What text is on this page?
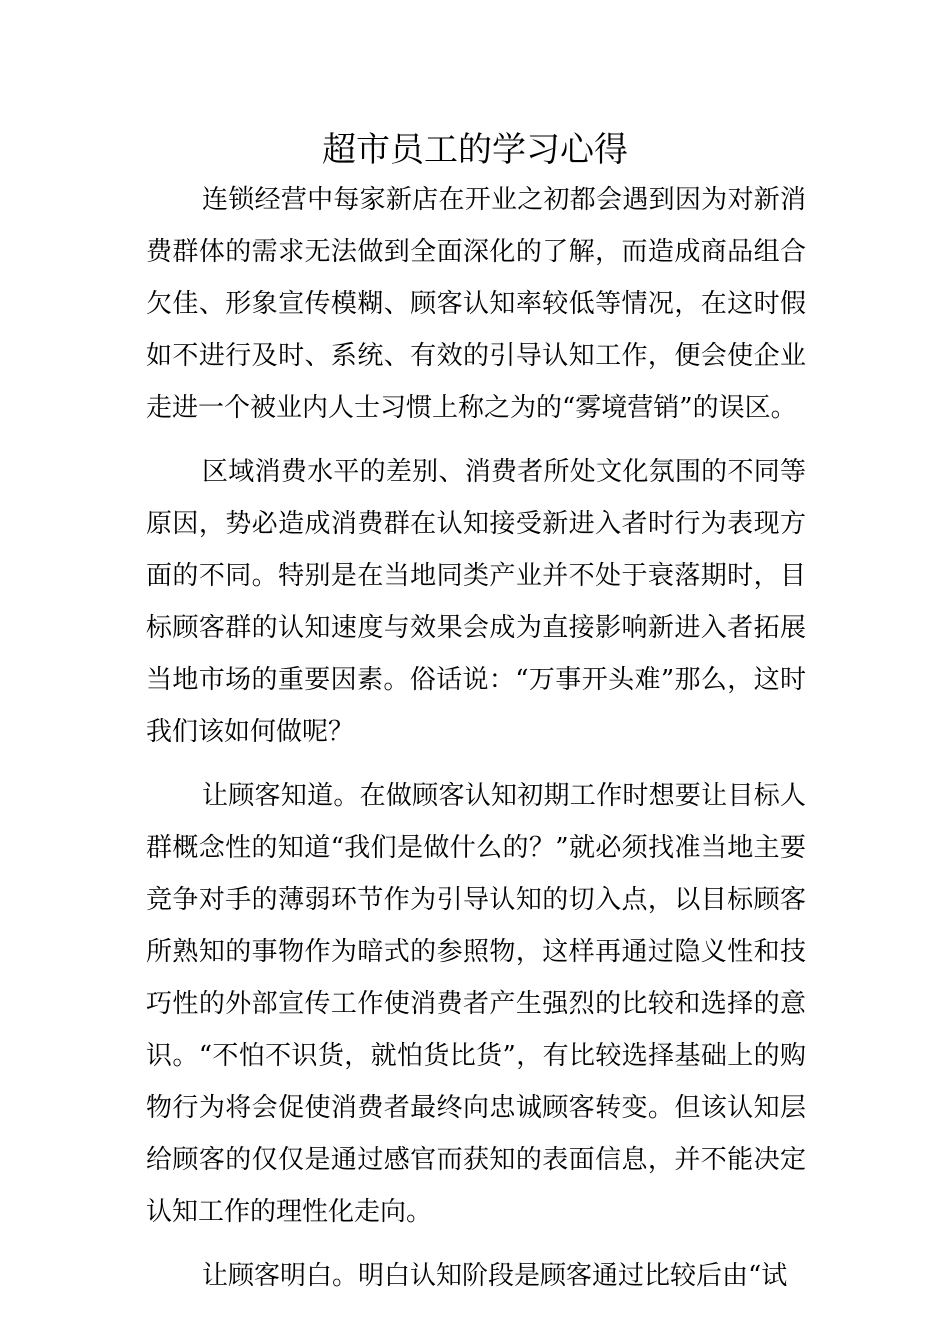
超市员工的学习心得

连锁经营中每家新店在开业之初都会遇到因为对新消费群体的需求无法做到全面深化的了解，而造成商品组合欠佳、形象宣传模糊、顾客认知率较低等情况，在这时假如不进行及时、系统、有效的引导认知工作，便会使企业走进一个被业内人士习惯上称之为的“雾境营销”的误区。

区域消费水平的差别、消费者所处文化氛围的不同等原因，势必造成消费群在认知接受新进入者时行为表现方面的不同。特别是在当地同类产业并不处于衰落期时，目标顾客群的认知速度与效果会成为直接影响新进入者拓展当地市场的重要因素。俗话说：“万事开头难”那么，这时我们该如何做呢？

让顾客知道。在做顾客认知初期工作时想要让目标人群概念性的知道“我们是做什么的？”就必须找准当地主要竞争对手的薄弱环节作为引导认知的切入点，以目标顾客所熟知的事物作为暗式的参照物，这样再通过隐义性和技巧性的外部宣传工作使消费者产生强烈的比较和选择的意识。“不怕不识货，就怕货比货”，有比较选择基础上的购物行为将会促使消费者最终向忠诚顾客转变。但该认知层给顾客的仅仅是通过感官而获知的表面信息，并不能决定认知工作的理性化走向。

让顾客明白。明白认知阶段是顾客通过比较后由“试
